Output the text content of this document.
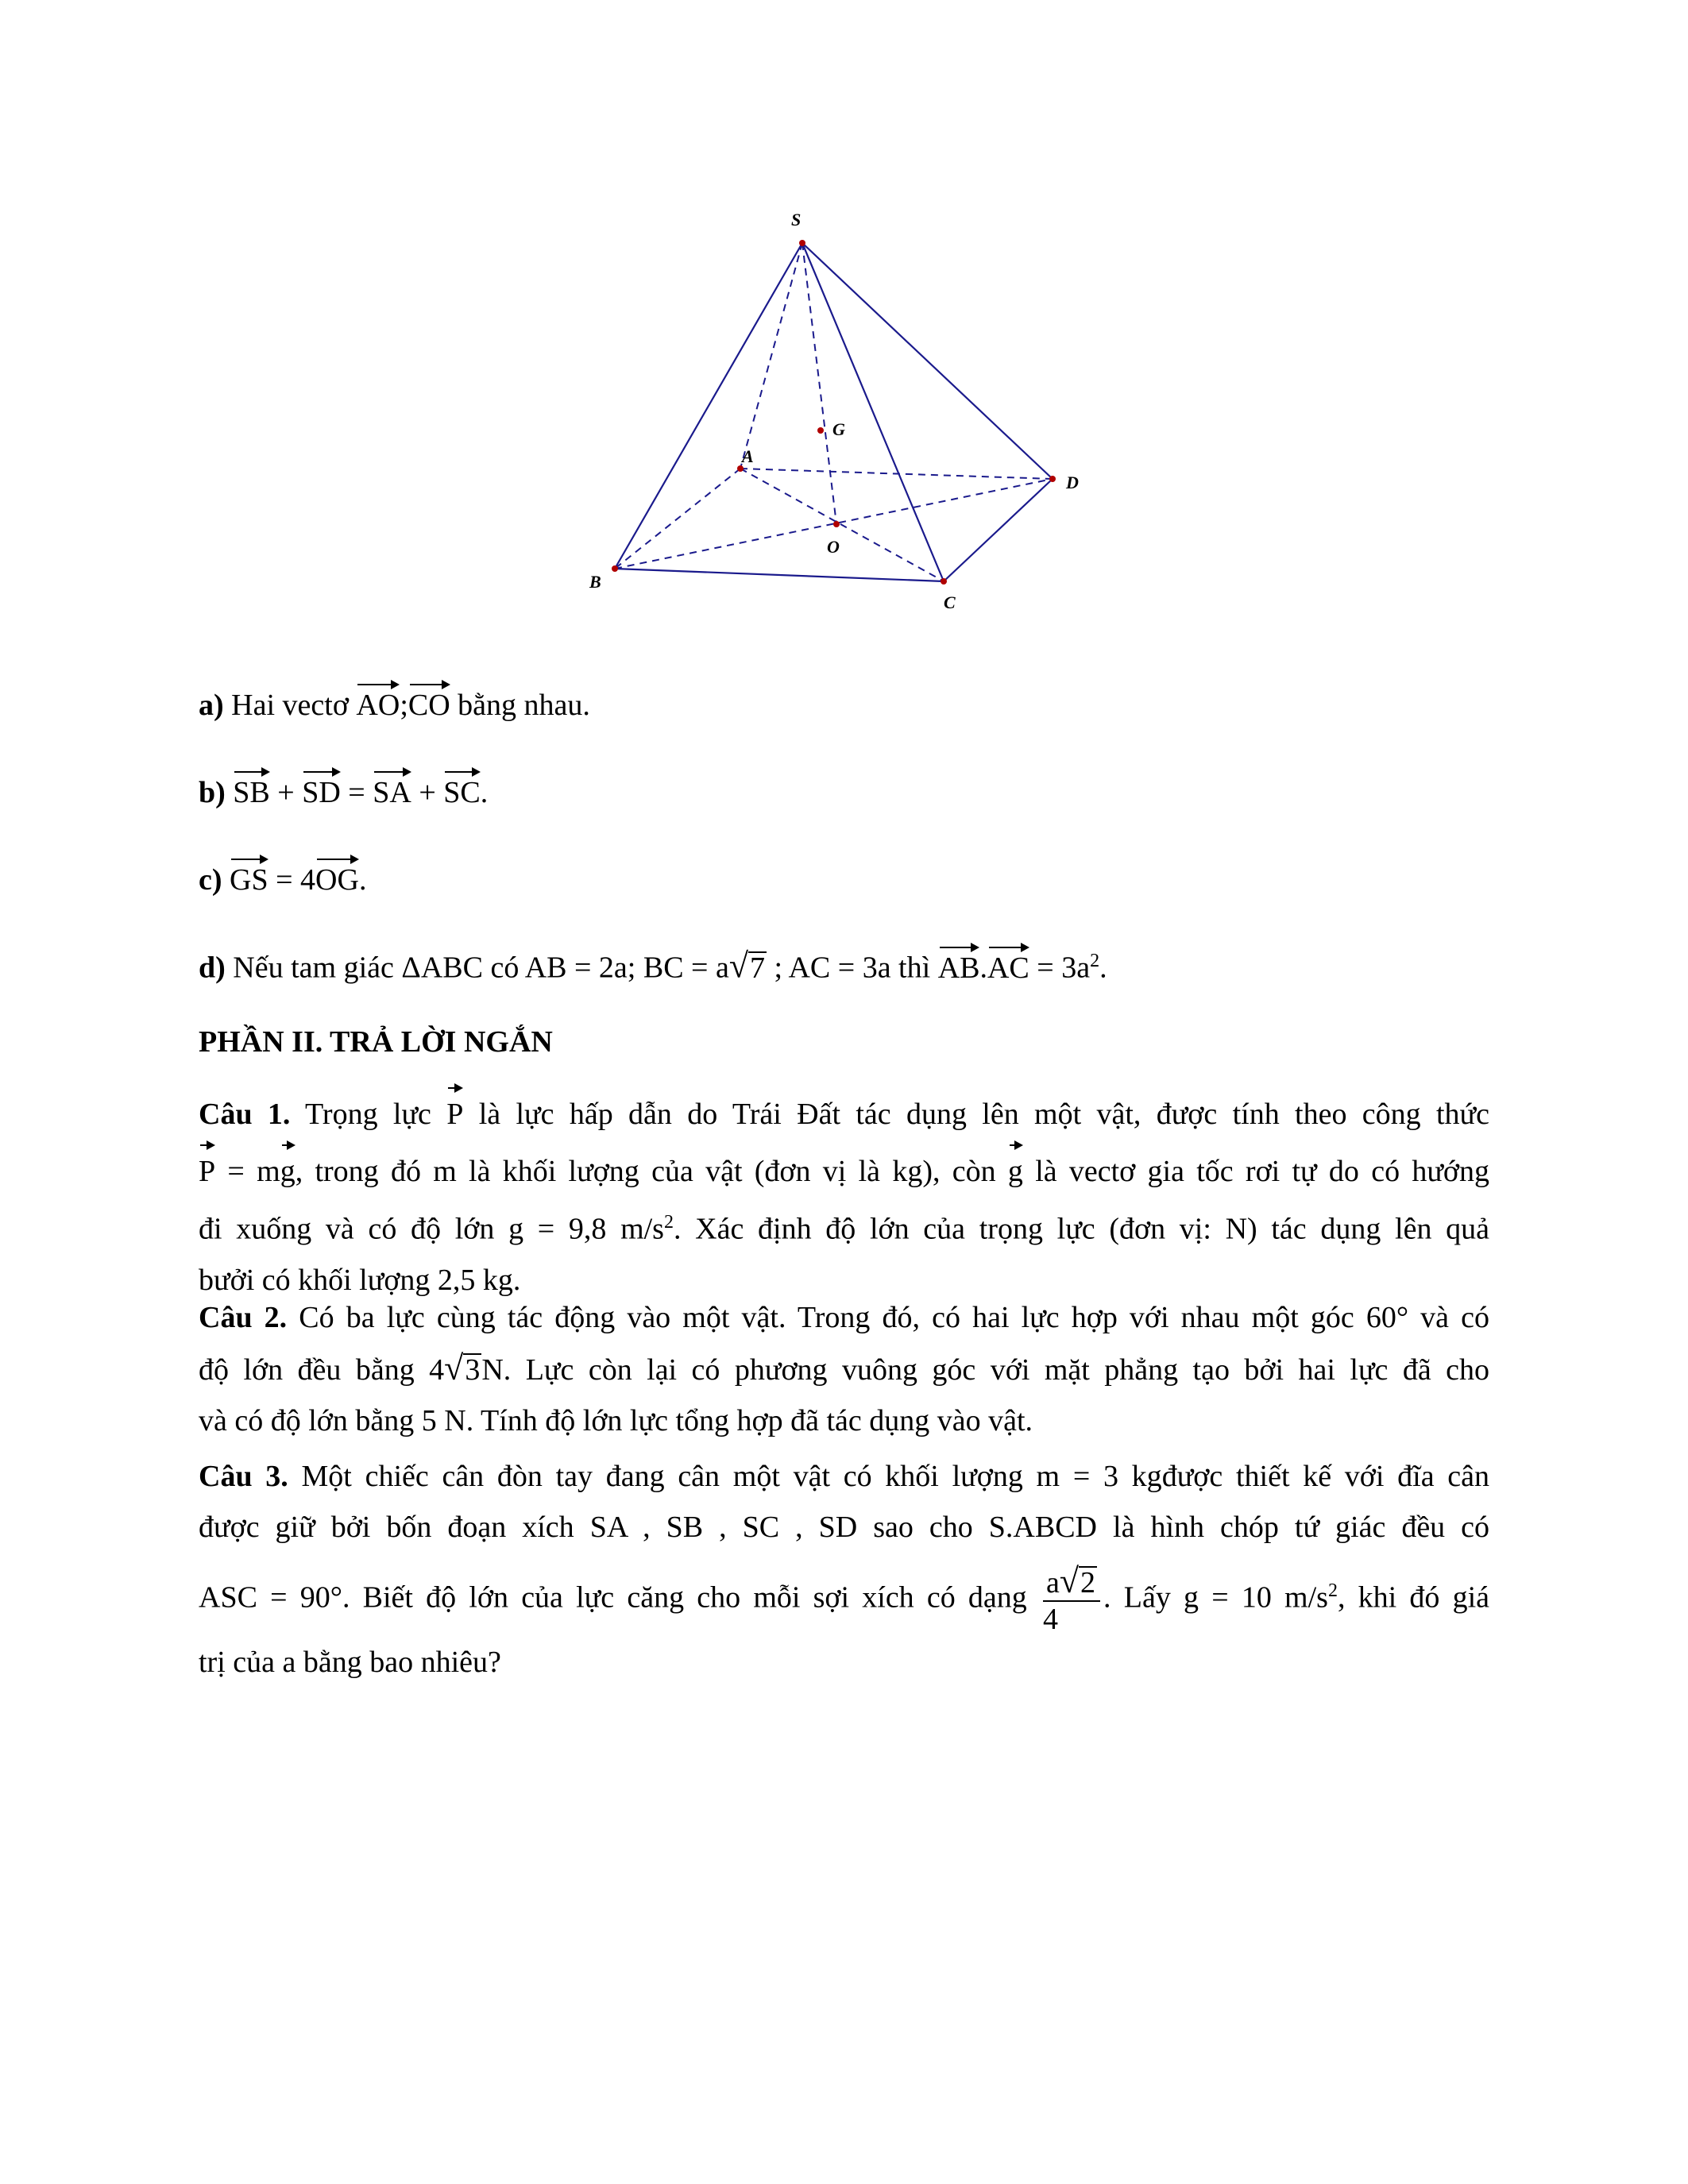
S
G
A
D
O
B
C
a) Hai vectơ AO;CO bằng nhau.
b) SB + SD = SA + SC.
c) GS = 4OG.
d) Nếu tam giác ΔABC có AB = 2a; BC = a√7 ; AC = 3a thì $AB.AC = 3a^2$.
PHẦN II. TRẢ LỜI NGẮN
Câu 1. Trọng lực P là lực hấp dẫn do Trái Đất tác dụng lên một vật, được tính theo công thức
P = mg, trong đó m là khối lượng của vật (đơn vị là kg), còn g là vectơ gia tốc rơi tự do có hướng
đi xuống và có độ lớn g = 9,8 $m/s^2$. Xác định độ lớn của trọng lực (đơn vị: N) tác dụng lên quả
bưởi có khối lượng 2,5 kg.
Câu 2. Có ba lực cùng tác động vào một vật. Trong đó, có hai lực hợp với nhau một góc 60° và có
độ lớn đều bằng 4√3N. Lực còn lại có phương vuông góc với mặt phẳng tạo bởi hai lực đã cho
và có độ lớn bằng 5 N. Tính độ lớn lực tổng hợp đã tác dụng vào vật.
Câu 3. Một chiếc cân đòn tay đang cân một vật có khối lượng m = 3 kgđược thiết kế với đĩa cân
được giữ bởi bốn đoạn xích SA , SB , SC , SD sao cho S.ABCD là hình chóp tứ giác đều có
ASC = 90°. Biết độ lớn của lực căng cho mỗi sợi xích có dạng $\frac{a√2}{4}$ . Lấy g = 10 $m/s^2$, khi đó giá
trị của a bằng bao nhiêu?
